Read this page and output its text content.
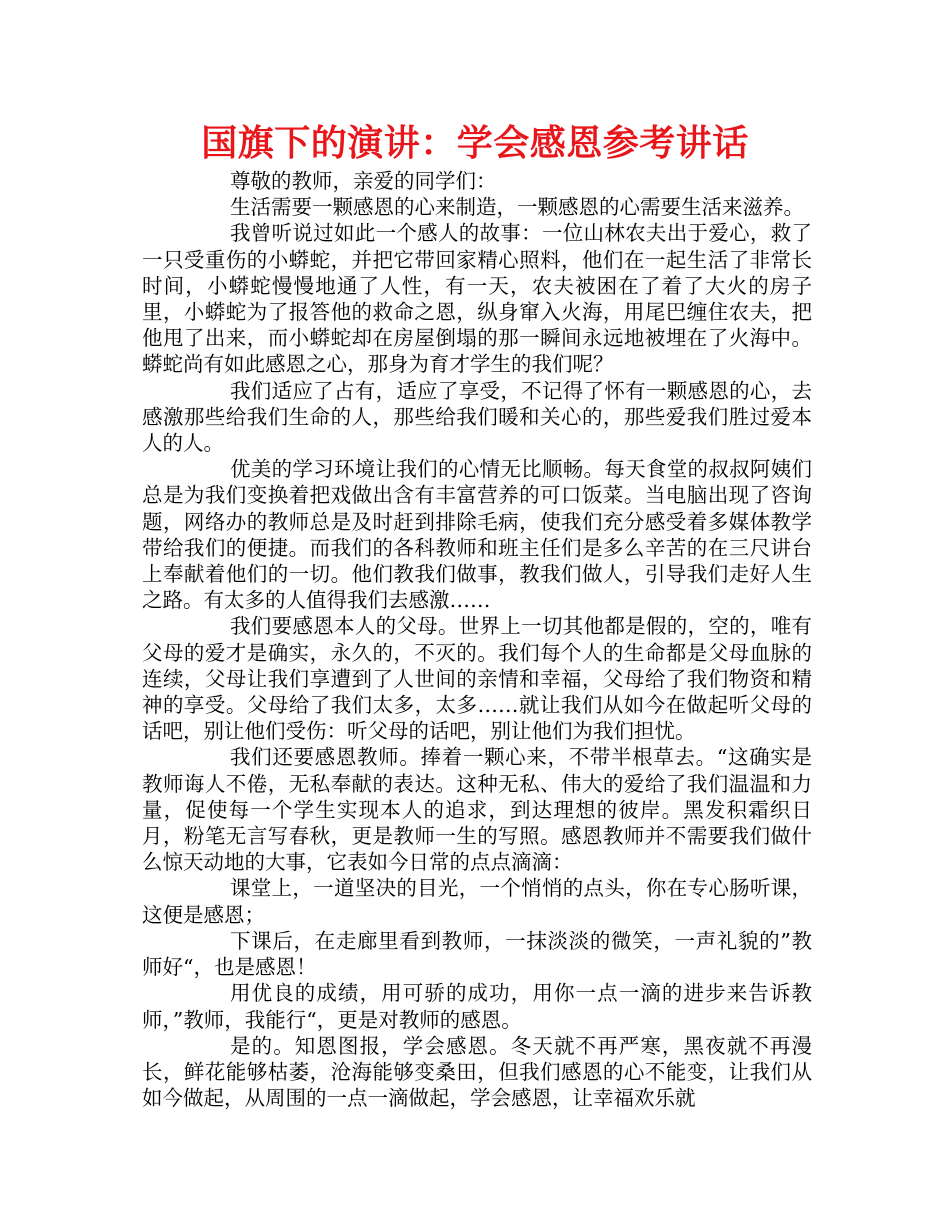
国旗下的演讲：学会感恩参考讲话

尊敬的教师，亲爱的同学们：

生活需要一颗感恩的心来制造，一颗感恩的心需要生活来滋养。

我曾听说过如此一个感人的故事：一位山林农夫出于爱心，救了一只受重伤的小蟒蛇，并把它带回家精心照料，他们在一起生活了非常长时间，小蟒蛇慢慢地通了人性，有一天，农夫被困在了着了大火的房子里，小蟒蛇为了报答他的救命之恩，纵身窜入火海，用尾巴缠住农夫，把他甩了出来，而小蟒蛇却在房屋倒塌的那一瞬间永远地被埋在了火海中。蟒蛇尚有如此感恩之心，那身为育才学生的我们呢？

我们适应了占有，适应了享受，不记得了怀有一颗感恩的心，去感激那些给我们生命的人，那些给我们暖和关心的，那些爱我们胜过爱本人的人。

优美的学习环境让我们的心情无比顺畅。每天食堂的叔叔阿姨们总是为我们变换着把戏做出含有丰富营养的可口饭菜。当电脑出现了咨询题，网络办的教师总是及时赶到排除毛病，使我们充分感受着多媒体教学带给我们的便捷。而我们的各科教师和班主任们是多么辛苦的在三尺讲台上奉献着他们的一切。他们教我们做事，教我们做人，引导我们走好人生之路。有太多的人值得我们去感激……

我们要感恩本人的父母。世界上一切其他都是假的，空的，唯有父母的爱才是确实，永久的，不灭的。我们每个人的生命都是父母血脉的连续，父母让我们享遭到了人世间的亲情和幸福，父母给了我们物资和精神的享受。父母给了我们太多，太多……就让我们从如今在做起听父母的话吧，别让他们受伤：听父母的话吧，别让他们为我们担忧。

我们还要感恩教师。捧着一颗心来，不带半根草去。“这确实是教师诲人不倦，无私奉献的表达。这种无私、伟大的爱给了我们温温和力量，促使每一个学生实现本人的追求，到达理想的彼岸。黑发积霜织日月，粉笔无言写春秋，更是教师一生的写照。感恩教师并不需要我们做什么惊天动地的大事，它表如今日常的点点滴滴：

课堂上，一道坚决的目光，一个悄悄的点头，你在专心肠听课，这便是感恩；

下课后，在走廊里看到教师，一抹淡淡的微笑，一声礼貌的”教师好“，也是感恩！

用优良的成绩，用可骄的成功，用你一点一滴的进步来告诉教师，”教师，我能行“，更是对教师的感恩。

是的。知恩图报，学会感恩。冬天就不再严寒，黑夜就不再漫长，鲜花能够枯萎，沧海能够变桑田，但我们感恩的心不能变，让我们从如今做起，从周围的一点一滴做起，学会感恩，让幸福欢乐就
